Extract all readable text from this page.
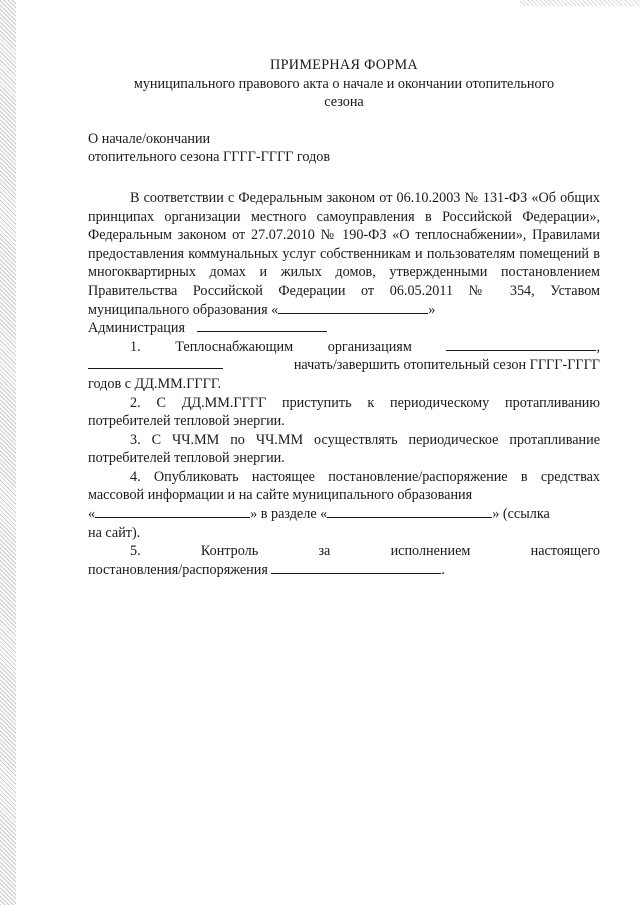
ПРИМЕРНАЯ ФОРМА
муниципального правового акта о начале и окончании отопительного
сезона
О начале/окончании
отопительного сезона ГГГГ-ГГГГ годов
В соответствии с Федеральным законом от 06.10.2003 № 131-ФЗ «Об общих принципах организации местного самоуправления в Российской Федерации», Федеральным законом от 27.07.2010 № 190-ФЗ «О теплоснабжении», Правилами предоставления коммунальных услуг собственникам и пользователям помещений в многоквартирных домах и жилых домов, утвержденными постановлением Правительства Российской Федерации от 06.05.2011 № 354, Уставом муниципального образования «	»
Администрация
1. Теплоснабжающим организациям	,
начать/завершить отопительный сезон ГГГГ-ГГГГ
годов с ДД.ММ.ГГГГ.
2. С ДД.ММ.ГГГГ приступить к периодическому протапливанию потребителей тепловой энергии.
3. С ЧЧ.ММ по ЧЧ.ММ осуществлять периодическое протапливание потребителей тепловой энергии.
4. Опубликовать настоящее постановление/распоряжение в средствах массовой информации и на сайте муниципального образования
«	» в разделе «	» (ссылка
на сайт).
5.	Контроль	за	исполнением	настоящего
постановления/распоряжения	.
